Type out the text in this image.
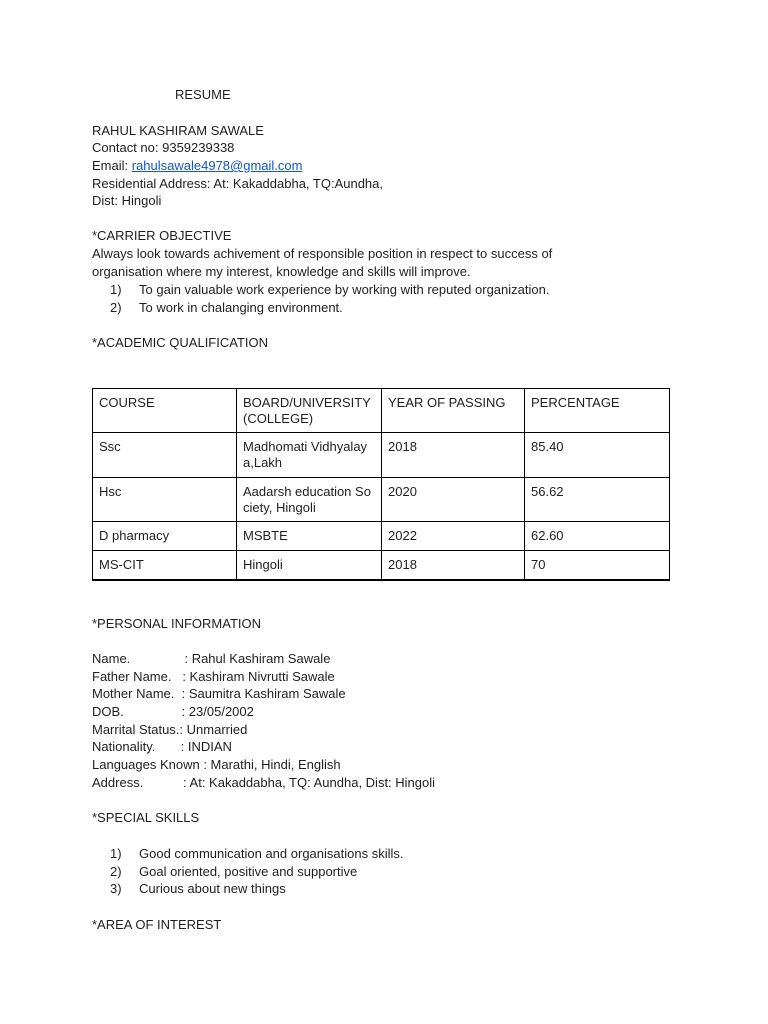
RESUME
RAHUL KASHIRAM SAWALE
Contact no: 9359239338
Email: rahulsawale4978@gmail.com
Residential Address: At: Kakaddabha, TQ:Aundha,
Dist: Hingoli
*CARRIER OBJECTIVE
Always look towards achivement of responsible position in respect to success of
organisation where my interest, knowledge and skills will improve.
1) To gain valuable work experience by working with reputed organization.
2) To work in chalanging environment.
*ACADEMIC QUALIFICATION
COURSE	BOARD/UNIVERSITY (COLLEGE)	YEAR OF PASSING	PERCENTAGE
Ssc	Madhomati Vidhyalaya,Lakh	2018	85.40
Hsc	Aadarsh education Society, Hingoli	2020	56.62
D pharmacy	MSBTE	2022	62.60
MS-CIT	Hingoli	2018	70
*PERSONAL INFORMATION
Name.               : Rahul Kashiram Sawale
Father Name.   : Kashiram Nivrutti Sawale
Mother Name.  : Saumitra Kashiram Sawale
DOB.                : 23/05/2002
Marrital Status.: Unmarried
Nationality.       : INDIAN
Languages Known : Marathi, Hindi, English
Address.           : At: Kakaddabha, TQ: Aundha, Dist: Hingoli
*SPECIAL SKILLS
1) Good communication and organisations skills.
2) Goal oriented, positive and supportive
3) Curious about new things
*AREA OF INTEREST
